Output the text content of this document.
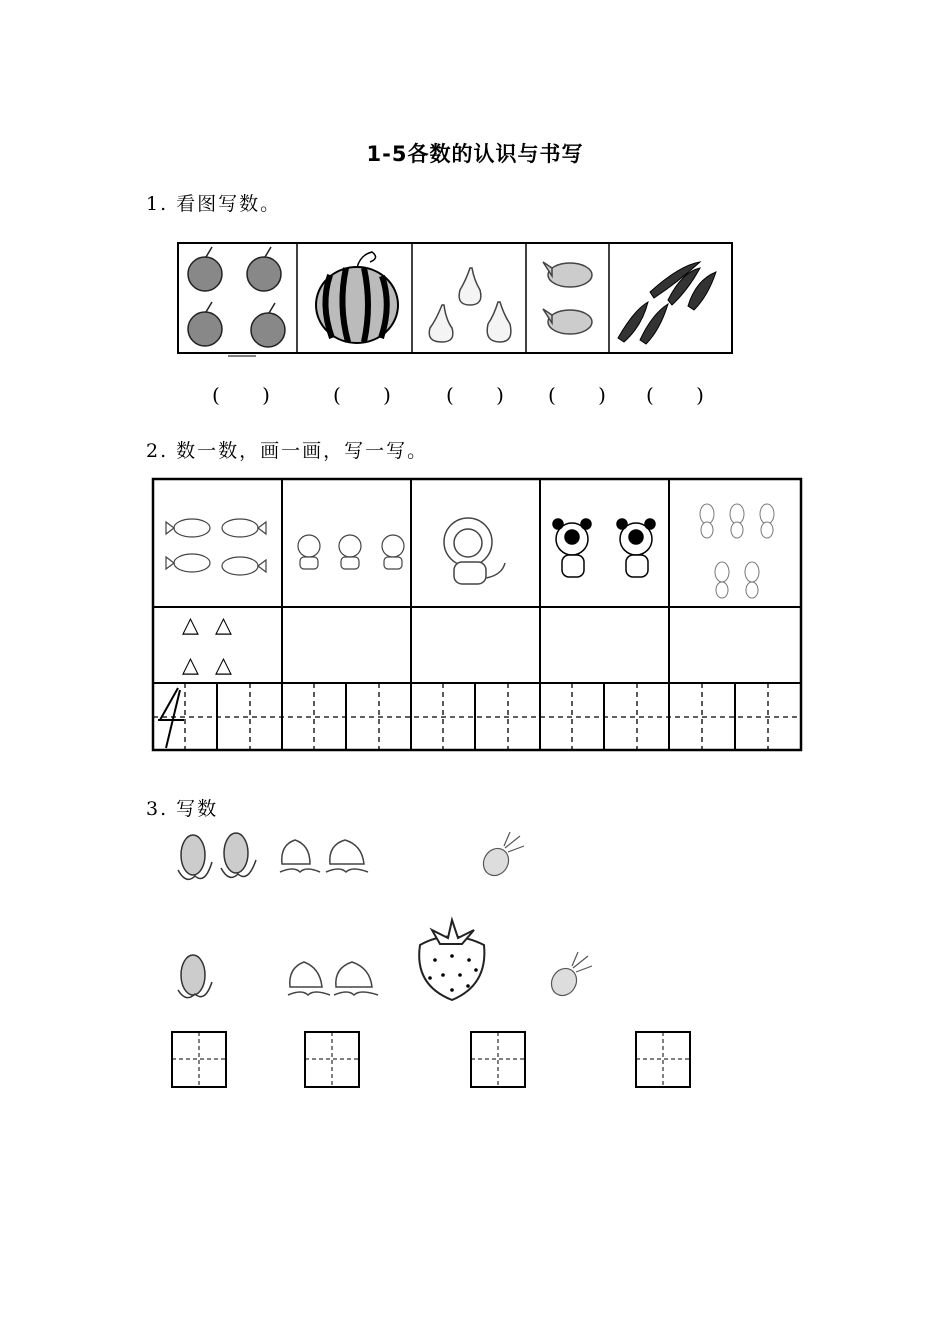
1-5各数的认识与书写
1. 看图写数。
( ) ( ) ( ) ( ) ( )
2. 数一数，画一画，写一写。
△ △
△ △
3. 写数
